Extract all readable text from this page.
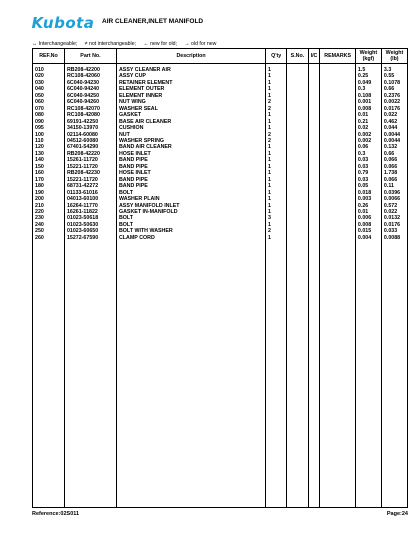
Kubota AIR CLEANER,INLET MANIFOLD
↔ Interchangeable; ≠ not interchangeable; ← new for old; → old for new
REF.No	Part No.	Description	Q'ty	S.No.	I/C	REMARKS	Weight (kgf)	Weight (lb)

010	RB208-42200	ASSY CLEANER AIR	1				1.5	3.3
020	RC108-42060	ASSY CUP	1				0.25	0.55
030	6C040-94230	RETAINER ELEMENT	1				0.049	0.1078
040	6C040-94240	ELEMENT OUTER	1				0.3	0.66
050	6C040-94250	ELEMENT INNER	1				0.108	0.2376
060	6C040-94260	NUT WING	2				0.001	0.0022
070	RC108-42070	WASHER SEAL	2				0.008	0.0176
080	RC108-42080	GASKET	1				0.01	0.022
090	69191-42250	BASE AIR CLEANER	1				0.21	0.462
095	34150-13970	CUSHION	1				0.02	0.044
100	02114-60080	NUT	2				0.002	0.0044
110	04512-60080	WASHER SPRING	2				0.002	0.0044
120	67401-54290	BAND AIR CLEANER	1				0.06	0.132
130	RB208-42220	HOSE INLET	1				0.3	0.66
140	15261-11720	BAND PIPE	1				0.03	0.066
150	15221-11720	BAND PIPE	1				0.03	0.066
160	RB208-42230	HOSE INLET	1				0.79	1.738
170	15221-11720	BAND PIPE	1				0.03	0.066
180	68731-42272	BAND PIPE	1				0.05	0.11
190	01133-61016	BOLT	1				0.018	0.0396
200	04013-60100	WASHER PLAIN	1				0.003	0.0066
210	16264-11770	ASSY MANIFOLD INLET	1				0.26	0.572
220	16261-11822	GASKET IN-MANIFOLD	1				0.01	0.022
230	01023-50618	BOLT	3				0.006	0.0132
240	01023-50630	BOLT	1				0.008	0.0176
250	01023-60650	BOLT WITH WASHER	2				0.015	0.033
260	15272-67590	CLAMP CORD	1				0.004	0.0088

Reference:02S011	Page:24
